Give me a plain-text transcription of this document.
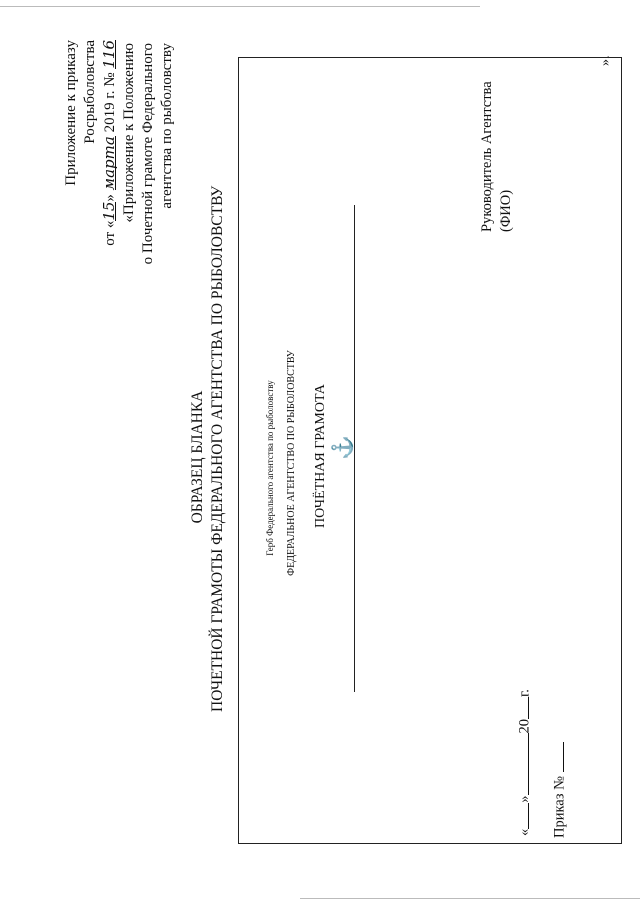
Приложение к приказу Росрыболовства
от «15» марта 2019 г. № 116 «Приложение к Положению о Почетной грамоте Федерального агентства по рыболовству
ОБРАЗЕЦ БЛАНКА ПОЧЕТНОЙ ГРАМОТЫ ФЕДЕРАЛЬНОГО АГЕНТСТВА ПО РЫБОЛОВСТВУ
».
Герб Федерального агентства по рыболовству ФЕДЕРАЛЬНОЕ АГЕНТСТВО ПО РЫБОЛОВСТВУ ПОЧЁТНАЯ ГРАМОТА ⚓
Руководитель Агентства (ФИО)
«»20г.
Приказ №
